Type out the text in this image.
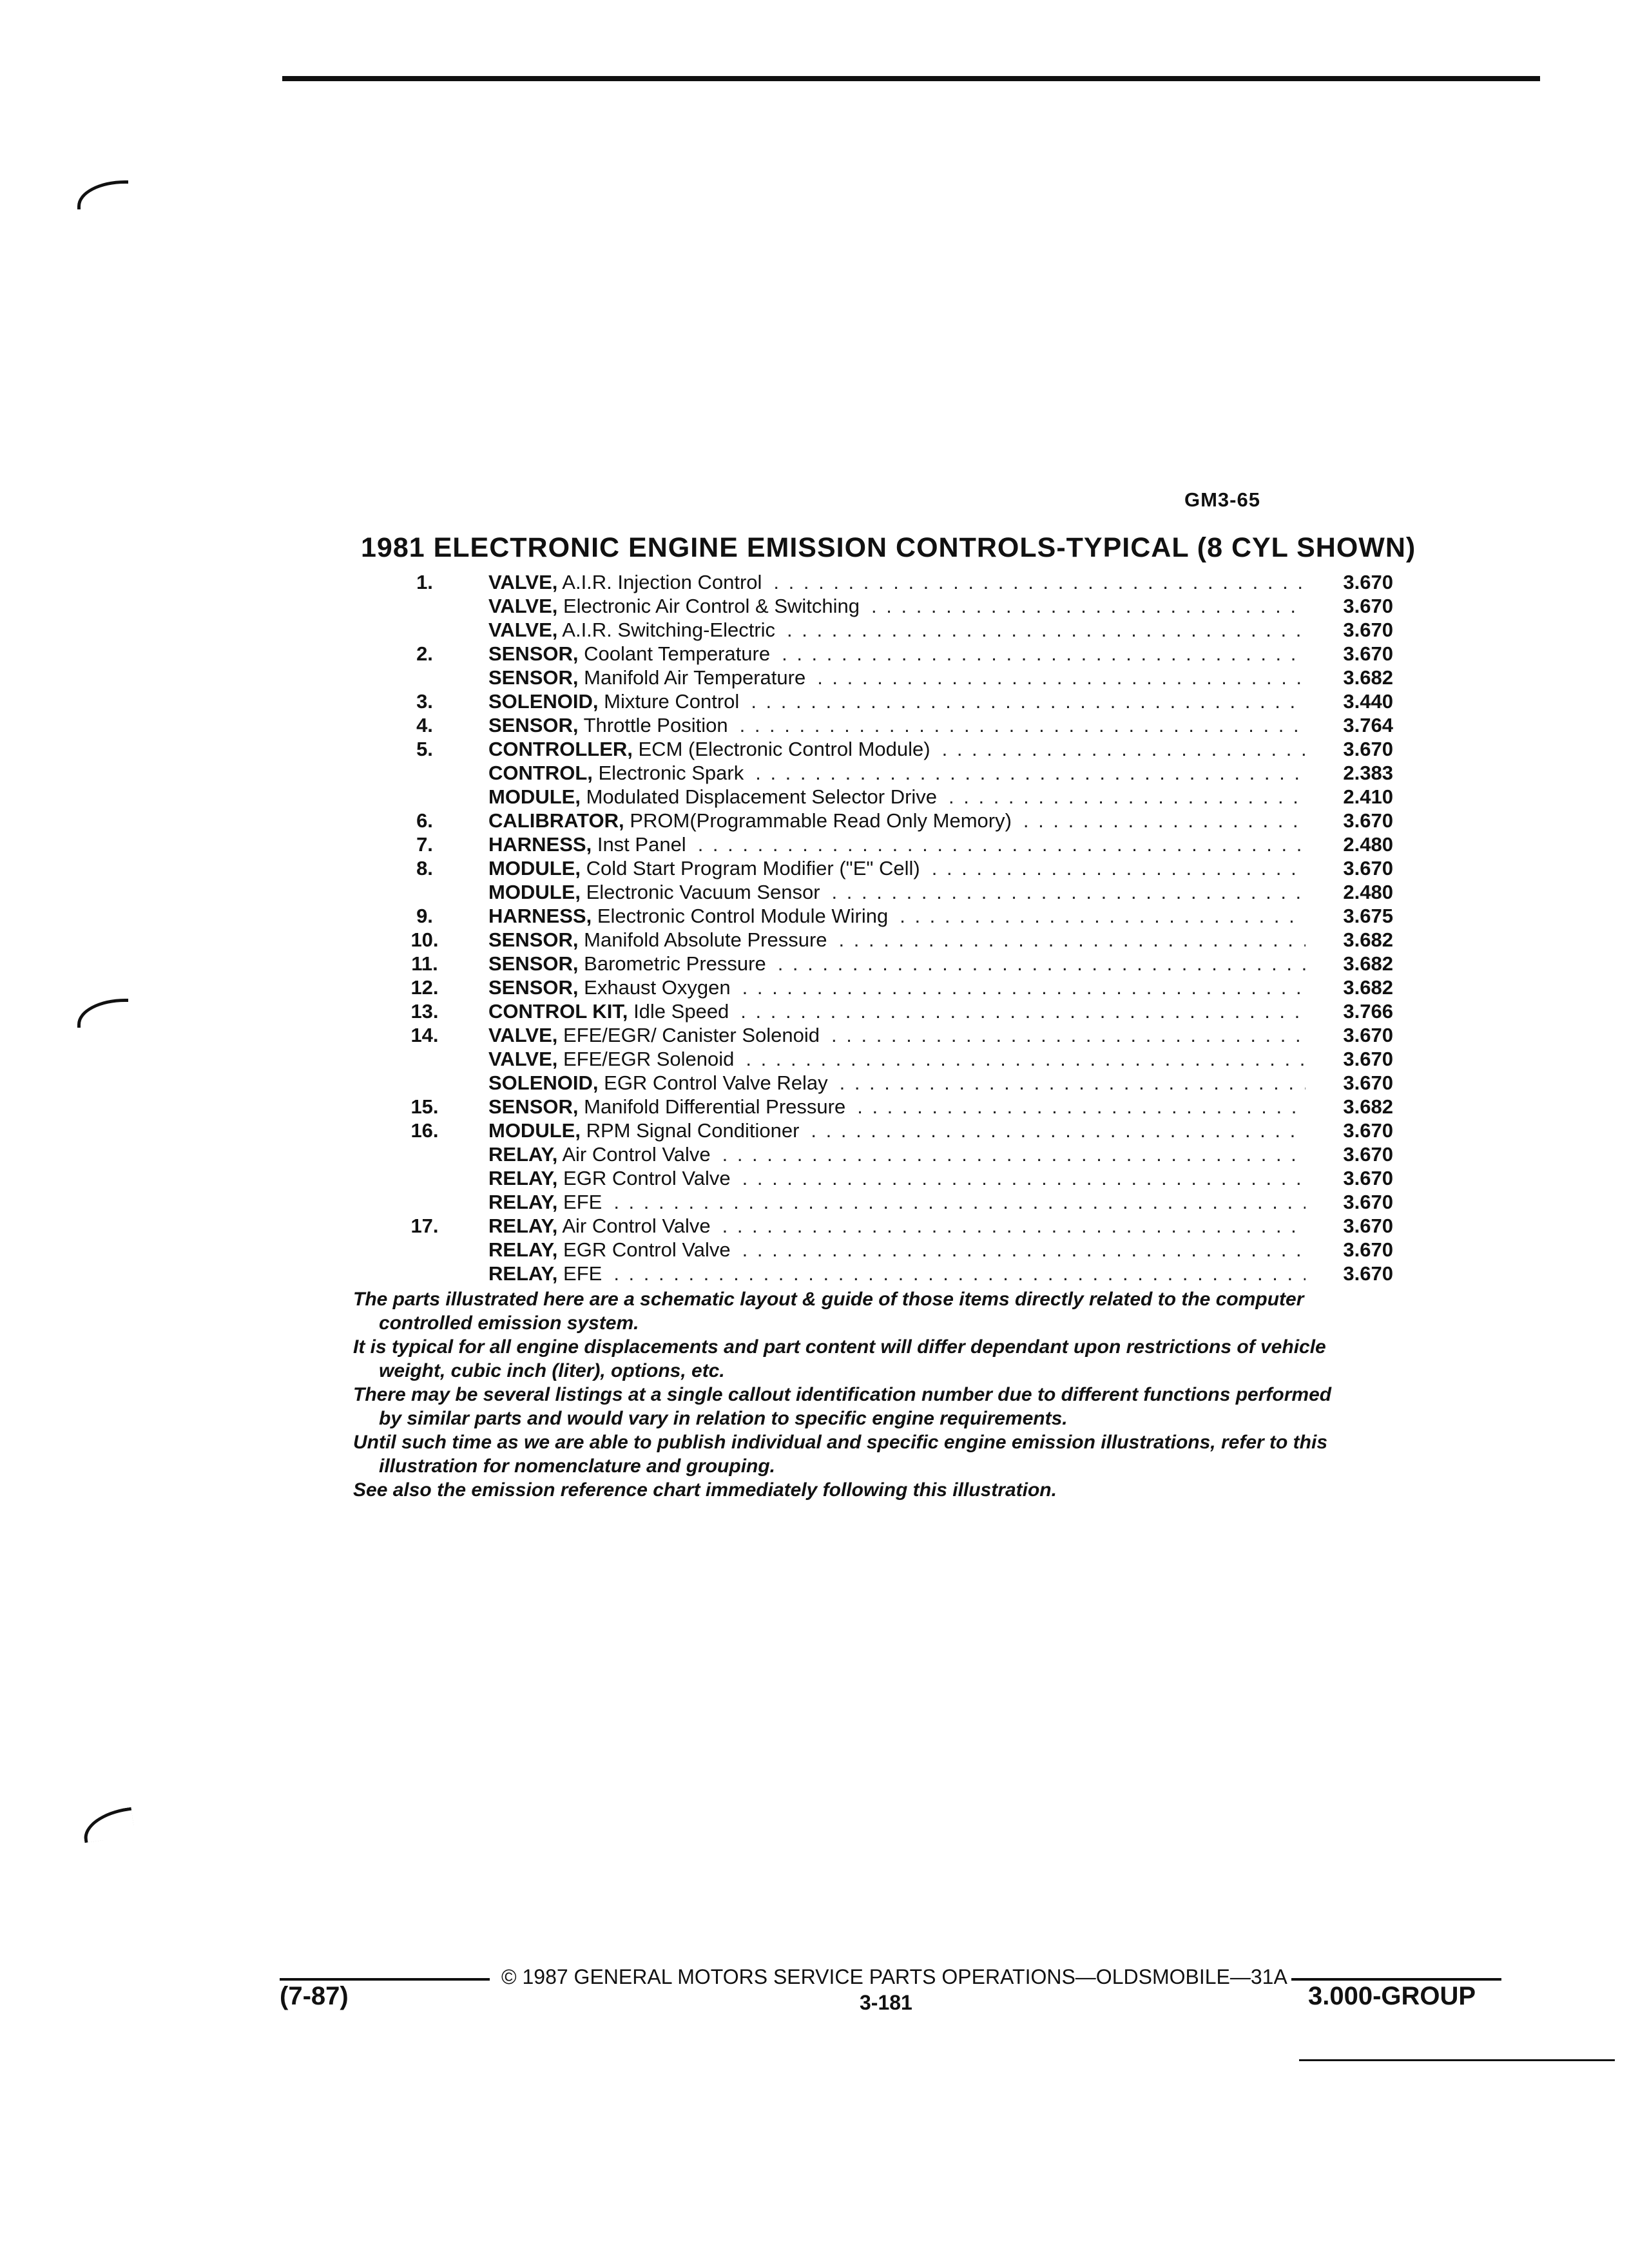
GM3-65
1981 ELECTRONIC ENGINE EMISSION CONTROLS-TYPICAL (8 CYL SHOWN)
1.	VALVE, A.I.R. Injection Control . . .	3.670
VALVE, Electronic Air Control & Switching . . .	3.670
VALVE, A.I.R. Switching-Electric . . .	3.670
2.	SENSOR, Coolant Temperature . . .	3.670
SENSOR, Manifold Air Temperature . . .	3.682
3.	SOLENOID, Mixture Control . . .	3.440
4.	SENSOR, Throttle Position . . .	3.764
5.	CONTROLLER, ECM (Electronic Control Module) . . .	3.670
CONTROL, Electronic Spark . . .	2.383
MODULE, Modulated Displacement Selector Drive . . .	2.410
6.	CALIBRATOR, PROM(Programmable Read Only Memory) . . .	3.670
7.	HARNESS, Inst Panel . . .	2.480
8.	MODULE, Cold Start Program Modifier ("E" Cell) . . .	3.670
MODULE, Electronic Vacuum Sensor . . .	2.480
9.	HARNESS, Electronic Control Module Wiring . . .	3.675
10.	SENSOR, Manifold Absolute Pressure . . .	3.682
11.	SENSOR, Barometric Pressure . . .	3.682
12.	SENSOR, Exhaust Oxygen . . .	3.682
13.	CONTROL KIT, Idle Speed . . .	3.766
14.	VALVE, EFE/EGR/ Canister Solenoid . . .	3.670
VALVE, EFE/EGR Solenoid . . .	3.670
SOLENOID, EGR Control Valve Relay . . .	3.670
15.	SENSOR, Manifold Differential Pressure . . .	3.682
16.	MODULE, RPM Signal Conditioner . . .	3.670
RELAY, Air Control Valve . . .	3.670
RELAY, EGR Control Valve . . .	3.670
RELAY, EFE . . .	3.670
17.	RELAY, Air Control Valve . . .	3.670
RELAY, EGR Control Valve . . .	3.670
RELAY, EFE . . .	3.670

The parts illustrated here are a schematic layout & guide of those items directly related to the computer

controlled emission system.

It is typical for all engine displacements and part content will differ dependant upon restrictions of vehicle

weight, cubic inch (liter), options, etc.

There may be several listings at a single callout identification number due to different functions performed

by similar parts and would vary in relation to specific engine requirements.

Until such time as we are able to publish individual and specific engine emission illustrations, refer to this

illustration for nomenclature and grouping.

See also the emission reference chart immediately following this illustration.

© 1987 GENERAL MOTORS SERVICE PARTS OPERATIONS—OLDSMOBILE—31A
(7-87)	3-181	3.000-GROUP
